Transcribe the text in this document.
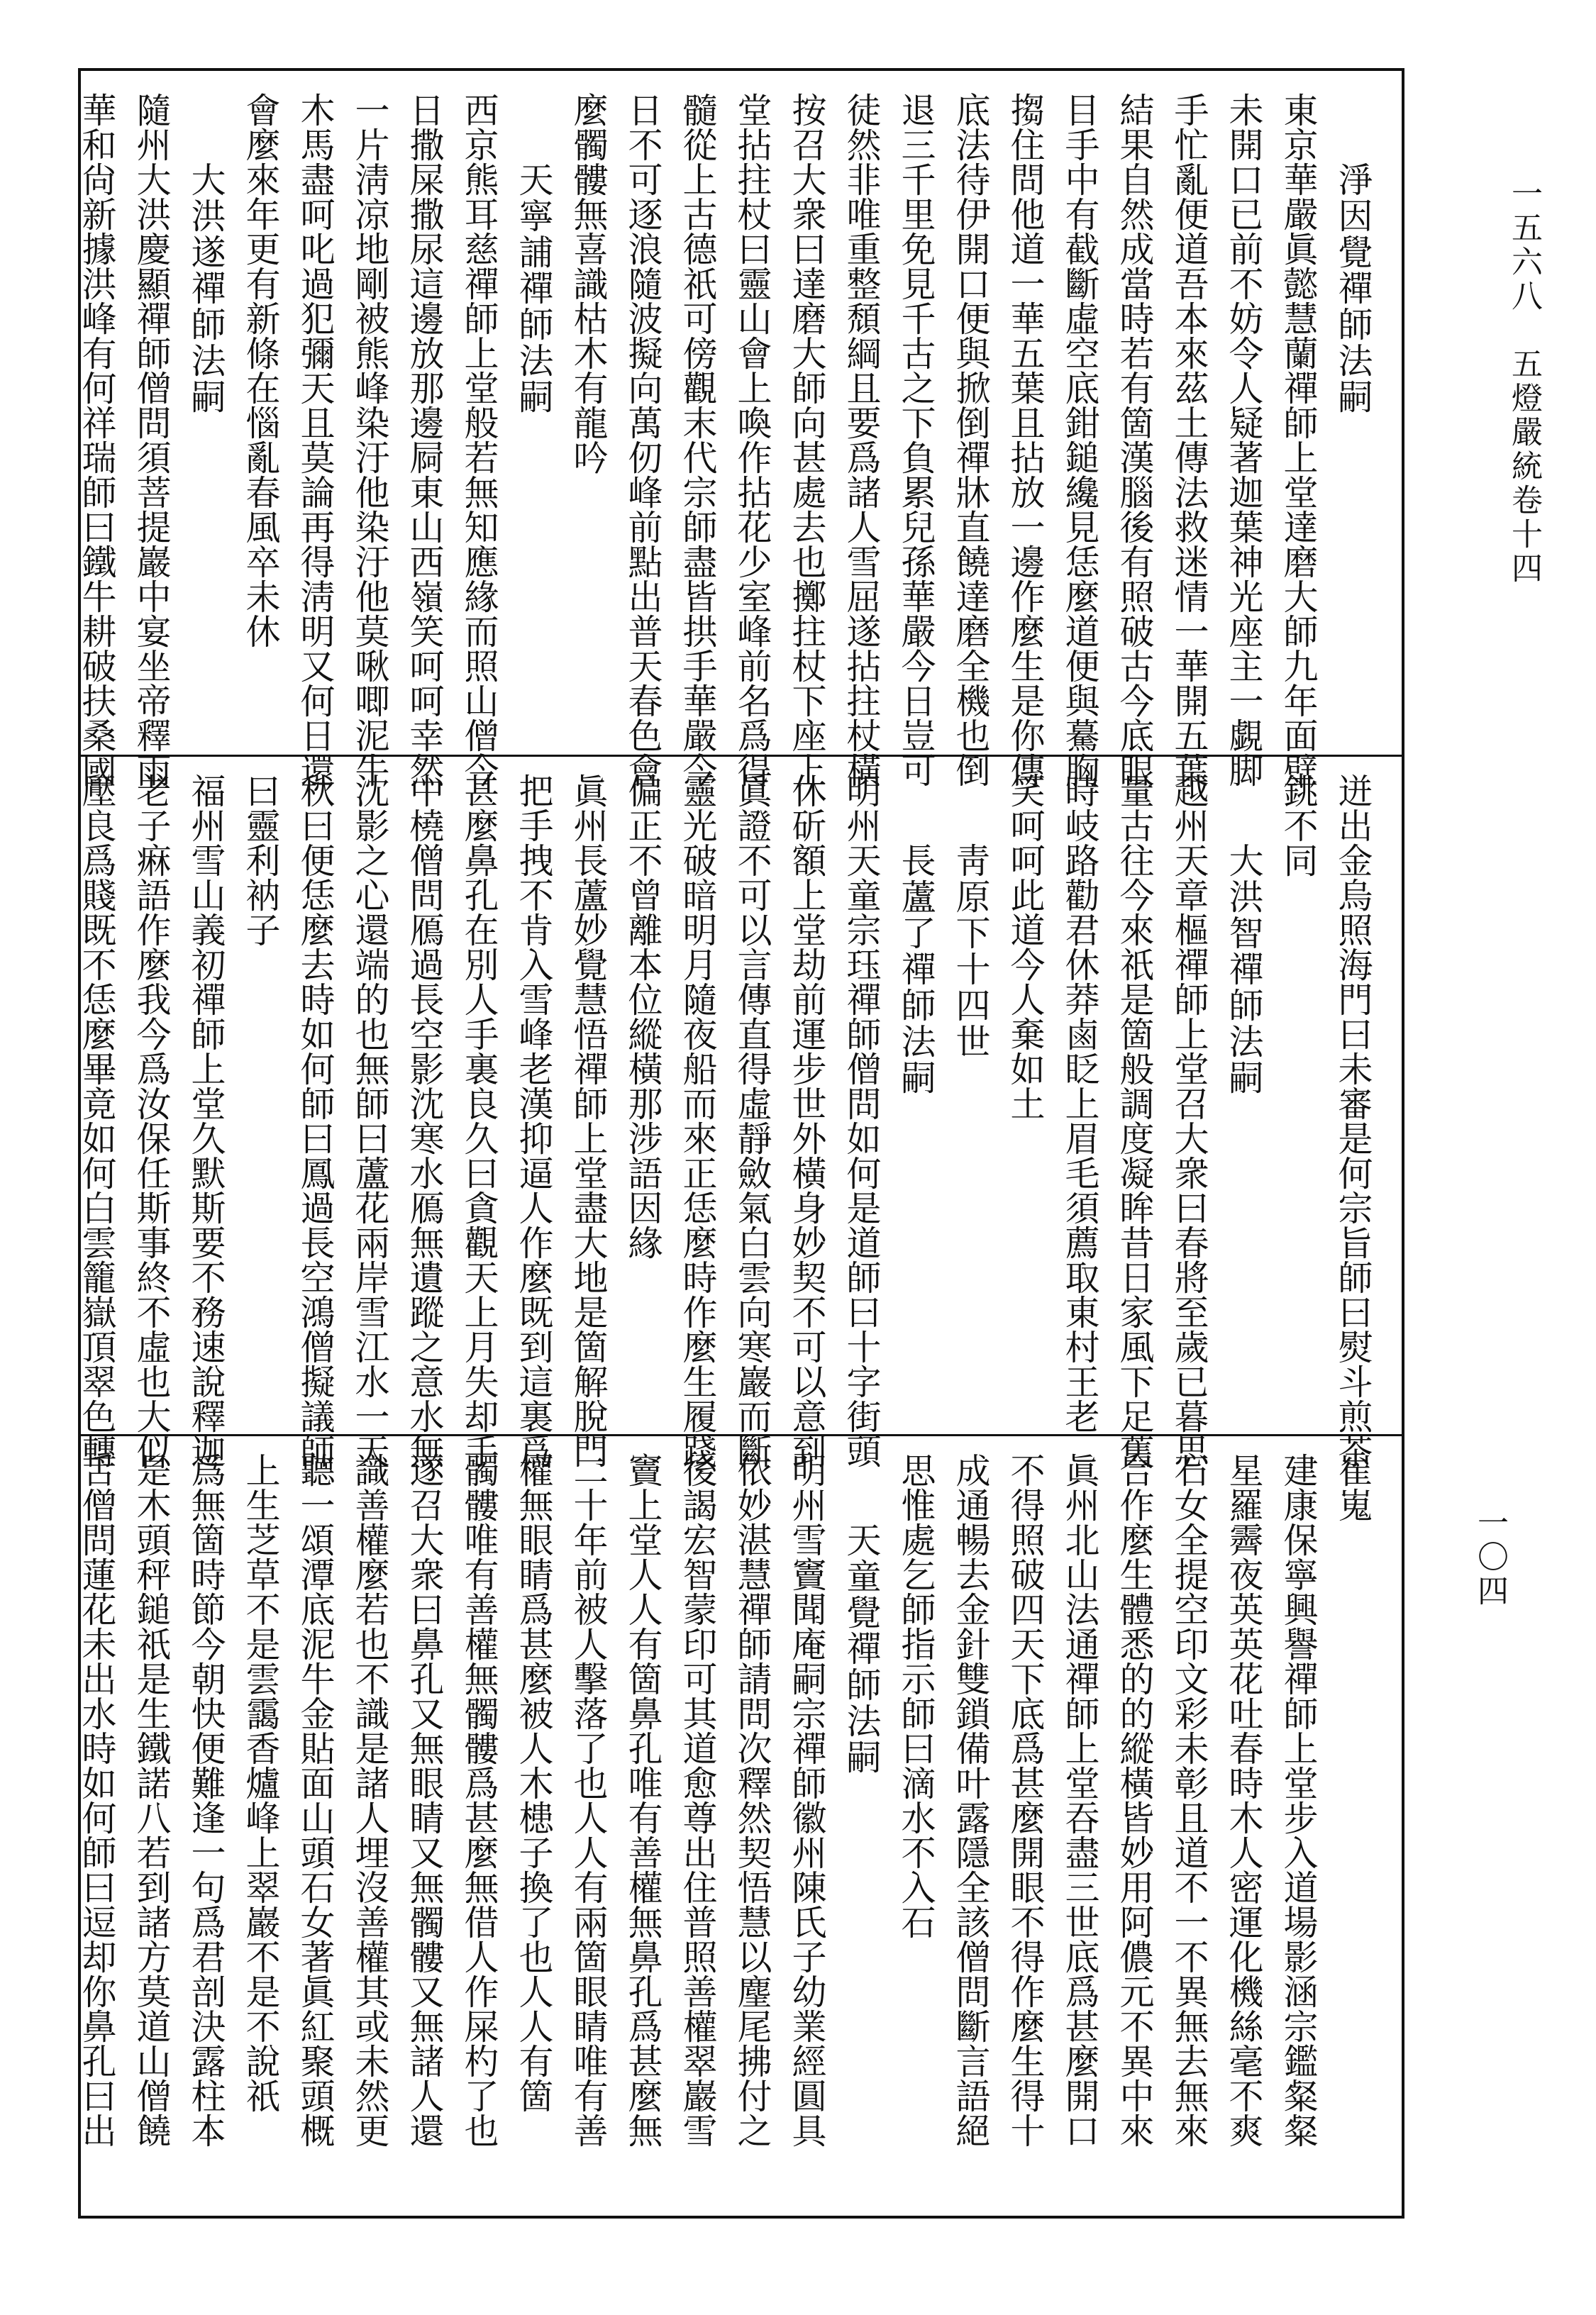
一五六八　五燈嚴統卷十四
一〇四
淨因覺禪師法嗣
東京華嚴眞懿慧蘭禪師上堂達磨大師九年面壁
未開口已前不妨令人疑著迦葉神光座主一覷脚
手忙亂便道吾本來茲土傳法救迷情一華開五葉
結果自然成當時若有箇漢腦後有照破古今底眼
目手中有截斷虛空底鉗鎚纔見恁麼道便與驀胸
搊住問他道一華五葉且拈放一邊作麼生是你傳
底法待伊開口便與掀倒禪牀直饒達磨全機也倒
退三千里免見千古之下負累兒孫華嚴今日豈可
徒然非唯重整頹綱且要爲諸人雪屈遂拈拄杖橫
按召大衆曰達磨大師向甚處去也擲拄杖下座上
堂拈拄杖曰靈山會上喚作拈花少室峰前名爲得
髓從上古德祇可傍觀末代宗師盡皆拱手華嚴今
日不可逐浪隨波擬向萬仞峰前點出普天春色會
麼髑髏無喜識枯木有龍吟
天寧誧禪師法嗣
西京熊耳慈禪師上堂般若無知應緣而照山僧今
日撒屎撒尿這邊放那邊屙東山西嶺笑呵呵幸然
一片淸凉地剛被熊峰染汙他染汙他莫啾唧泥牛
木馬盡呵叱過犯彌天且莫論再得淸明又何日還
會麼來年更有新條在惱亂春風卒未休
大洪遂禪師法嗣
隨州大洪慶顯禪師僧問須菩提巖中宴坐帝釋雨
華和尙新據洪峰有何祥瑞師曰鐵牛耕破扶桑國
迸出金烏照海門曰未審是何宗旨師曰熨斗煎茶
銚不同
大洪智禪師法嗣
越州天章樞禪師上堂召大衆曰春將至歲已暮思
量古往今來祇是箇般調度凝眸昔日家風下足舊
時岐路勸君休莽鹵眨上眉毛須薦取東村王老
笑呵呵此道今人棄如土
靑原下十四世
長蘆了禪師法嗣
明州天童宗珏禪師僧問如何是道師曰十字街頭
休斫額上堂劫前運步世外橫身妙契不可以意到
眞證不可以言傳直得虛靜斂氣白雲向寒巖而斷
靈光破暗明月隨夜船而來正恁麼時作麼生履踐
偏正不曾離本位縱橫那涉語因緣
眞州長蘆妙覺慧悟禪師上堂盡大地是箇解脫門
把手拽不肯入雪峰老漢抑逼人作麼既到這裏爲
甚麼鼻孔在別人手裏良久曰貪觀天上月失却手
中橈僧問鴈過長空影沈寒水鴈無遺蹤之意水無
沈影之心還端的也無師曰蘆花兩岸雪江水一天
秋曰便恁麼去時如何師曰鳳過長空鴻僧擬議師
曰靈利衲子
福州雪山義初禪師上堂久默斯要不務速說釋迦
老子痳語作麼我今爲汝保任斯事終不虛也大似
壓良爲賤既不恁麼畢竟如何白雲籠嶽頂翠色轉
崔嵬
建康保寧興譽禪師上堂步入道場影涵宗鑑粲粲
星羅霽夜英英花吐春時木人密運化機絲毫不爽
石女全提空印文彩未彰且道不一不異無去無來
合作麼生體悉的的縱橫皆妙用阿儂元不異中來
眞州北山法通禪師上堂吞盡三世底爲甚麼開口
不得照破四天下底爲甚麼開眼不得作麼生得十
成通暢去金針雙鎖備叶露隱全該僧問斷言語絕
思惟處乞師指示師曰滴水不入石
天童覺禪師法嗣
明州雪竇聞庵嗣宗禪師徽州陳氏子幼業經圓具
依妙湛慧禪師請問次釋然契悟慧以麈尾拂付之
後謁宏智蒙印可其道愈尊出住普照善權翠巖雪
竇上堂人人有箇鼻孔唯有善權無鼻孔爲甚麼無
二十年前被人擊落了也人人有兩箇眼睛唯有善
權無眼睛爲甚麼被人木槵子換了也人人有箇
髑髏唯有善權無髑髏爲甚麼無借人作屎杓了也
遂召大衆曰鼻孔又無眼睛又無髑髏又無諸人還
識善權麼若也不識是諸人埋沒善權其或未然更
聽一頌潭底泥牛金貼面山頭石女著眞紅聚頭概
上生芝草不是雲靄香爐峰上翠巖不是不說祇
爲無箇時節今朝快便難逢一句爲君剖決露柱本
是木頭秤鎚祇是生鐵諾八若到諸方莫道山僧饒
舌僧問蓮花未出水時如何師曰逗却你鼻孔曰出
